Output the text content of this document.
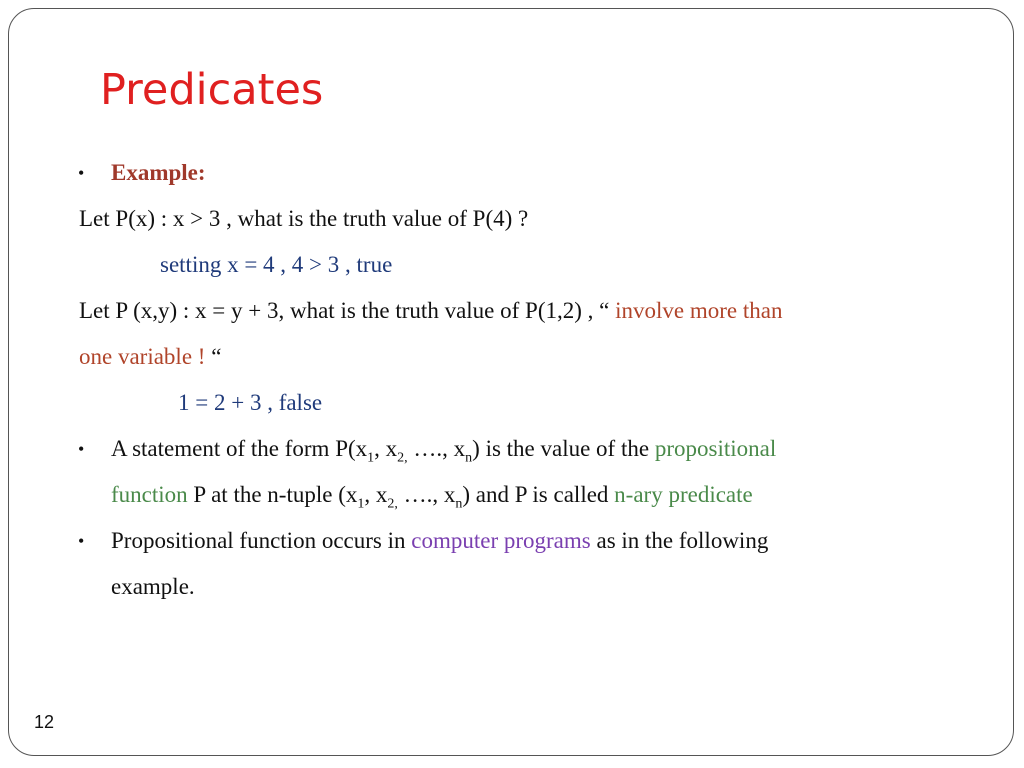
Predicates
• Example:
Let P(x) : x > 3 , what is the truth value of P(4) ?
setting x = 4 , 4 > 3 , true
Let P (x,y) : x = y + 3, what is the truth value of P(1,2) , “ involve more than
one variable ! “
1 = 2 + 3 , false
• A statement of the form $P(x_1$, $x_{2,}$ …., $x_n$) is the value of the propositional
function P at the n-tuple ($x_1$, $x_{2,}$ …., $x_n$) and P is called n-ary predicate
• Propositional function occurs in computer programs as in the following
example.
12
